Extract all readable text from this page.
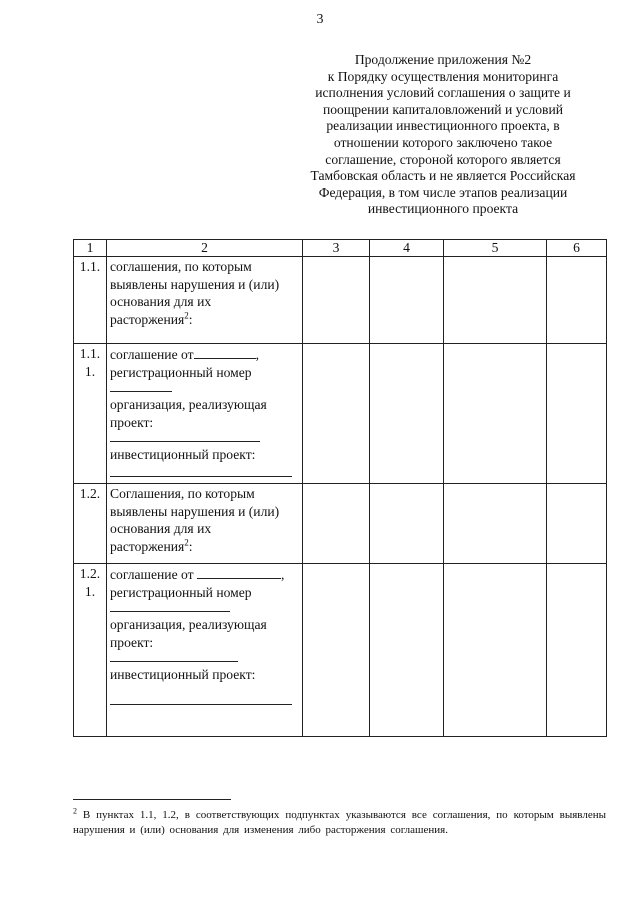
3
Продолжение приложения №2
к Порядку осуществления мониторинга
исполнения условий соглашения о защите и
поощрении капиталовложений и условий
реализации инвестиционного проекта, в
отношении которого заключено такое
соглашение, стороной которого является
Тамбовская область и не является Российская
Федерация, в том числе этапов реализации
инвестиционного проекта
1	2	3	4	5	6

1.1.	соглашения, по которым
выявлены нарушения и (или)
основания для их
расторжения$^2$:				

1.1.
1.	соглашение от ,
регистрационный номер
организация, реализующая
проект:
инвестиционный проект:				

1.2.	Соглашения, по которым
выявлены нарушения и (или)
основания для их
расторжения$^2$:				

1.2.
1.	соглашение от ,
регистрационный номер
организация, реализующая
проект:
инвестиционный проект:				

$^2$ В пунктах 1.1, 1.2, в соответствующих подпунктах указываются все соглашения, по которым выявлены нарушения и (или) основания для изменения либо расторжения соглашения.
